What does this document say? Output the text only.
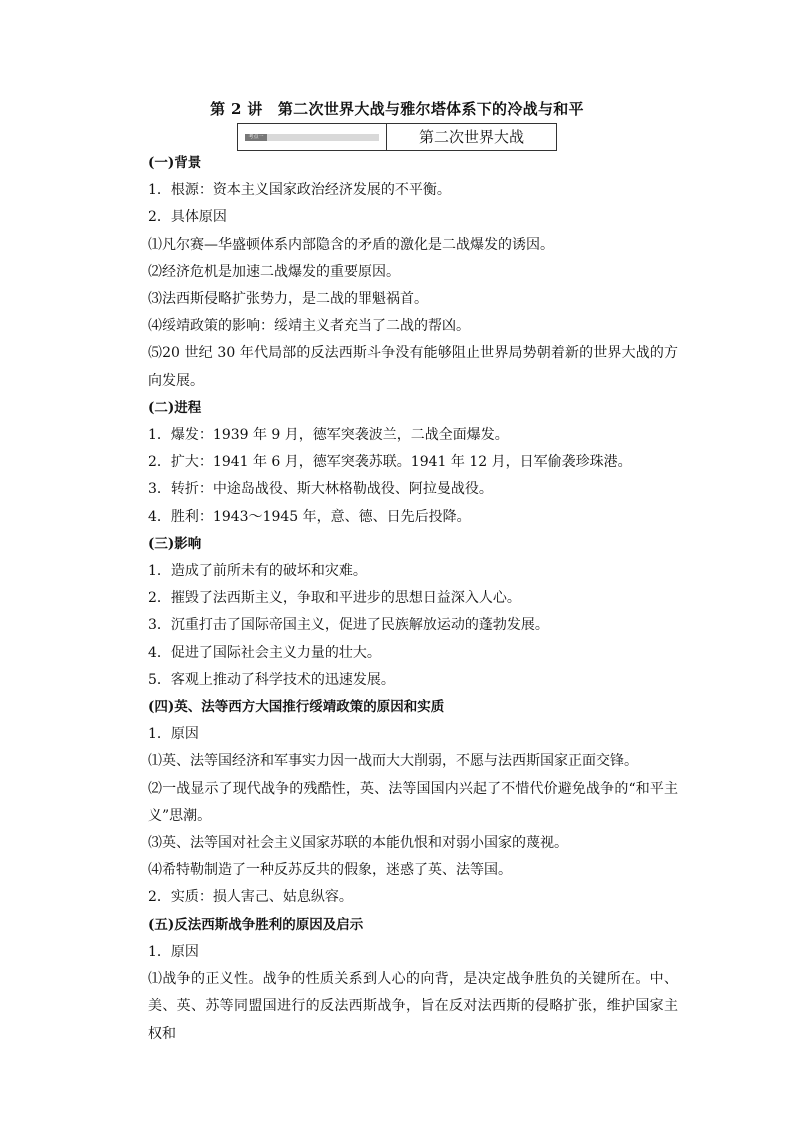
第 2 讲　第二次世界大战与雅尔塔体系下的冷战与和平
考点一	第二次世界大战

(一)背景

1．根源：资本主义国家政治经济发展的不平衡。

2．具体原因

⑴凡尔赛—华盛顿体系内部隐含的矛盾的激化是二战爆发的诱因。

⑵经济危机是加速二战爆发的重要原因。

⑶法西斯侵略扩张势力，是二战的罪魁祸首。

⑷绥靖政策的影响：绥靖主义者充当了二战的帮凶。

⑸20 世纪 30 年代局部的反法西斯斗争没有能够阻止世界局势朝着新的世界大战的方向发展。

(二)进程

1．爆发：1939 年 9 月，德军突袭波兰，二战全面爆发。

2．扩大：1941 年 6 月，德军突袭苏联。1941 年 12 月，日军偷袭珍珠港。

3．转折：中途岛战役、斯大林格勒战役、阿拉曼战役。

4．胜利：1943～1945 年，意、德、日先后投降。

(三)影响

1．造成了前所未有的破坏和灾难。

2．摧毁了法西斯主义，争取和平进步的思想日益深入人心。

3．沉重打击了国际帝国主义，促进了民族解放运动的蓬勃发展。

4．促进了国际社会主义力量的壮大。

5．客观上推动了科学技术的迅速发展。

(四)英、法等西方大国推行绥靖政策的原因和实质

1．原因

⑴英、法等国经济和军事实力因一战而大大削弱，不愿与法西斯国家正面交锋。

⑵一战显示了现代战争的残酷性，英、法等国国内兴起了不惜代价避免战争的“和平主义”思潮。

⑶英、法等国对社会主义国家苏联的本能仇恨和对弱小国家的蔑视。

⑷希特勒制造了一种反苏反共的假象，迷惑了英、法等国。

2．实质：损人害己、姑息纵容。

(五)反法西斯战争胜利的原因及启示

1．原因

⑴战争的正义性。战争的性质关系到人心的向背，是决定战争胜负的关键所在。中、美、英、苏等同盟国进行的反法西斯战争，旨在反对法西斯的侵略扩张，维护国家主权和
